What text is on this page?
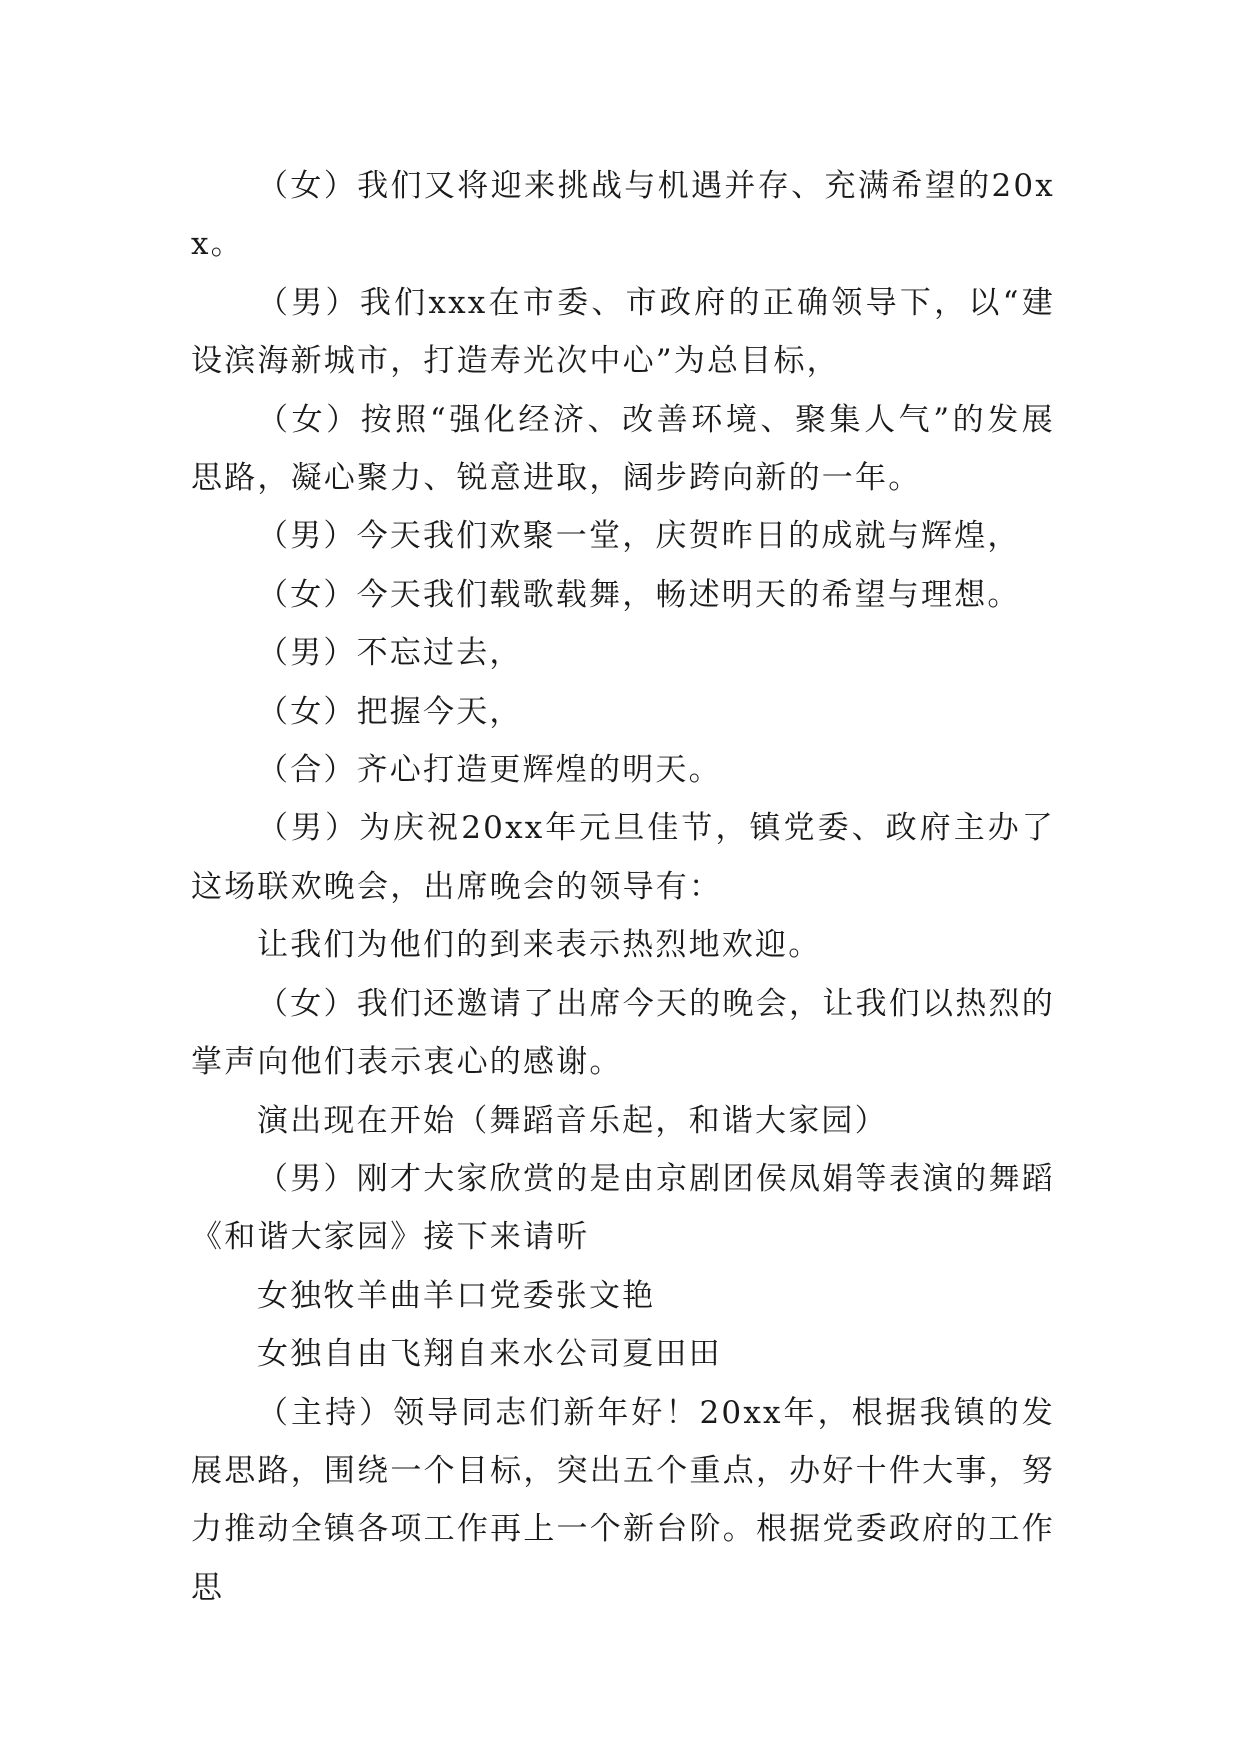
（女）我们又将迎来挑战与机遇并存、充满希望的20xx。

（男）我们xxx在市委、市政府的正确领导下，以“建设滨海新城市，打造寿光次中心”为总目标，

（女）按照“强化经济、改善环境、聚集人气”的发展思路，凝心聚力、锐意进取，阔步跨向新的一年。

（男）今天我们欢聚一堂，庆贺昨日的成就与辉煌，

（女）今天我们载歌载舞，畅述明天的希望与理想。

（男）不忘过去，

（女）把握今天，

（合）齐心打造更辉煌的明天。

（男）为庆祝20xx年元旦佳节，镇党委、政府主办了这场联欢晚会，出席晚会的领导有：

让我们为他们的到来表示热烈地欢迎。

（女）我们还邀请了出席今天的晚会，让我们以热烈的掌声向他们表示衷心的感谢。

演出现在开始（舞蹈音乐起，和谐大家园）

（男）刚才大家欣赏的是由京剧团侯凤娟等表演的舞蹈《和谐大家园》接下来请听

女独牧羊曲羊口党委张文艳

女独自由飞翔自来水公司夏田田

（主持）领导同志们新年好！20xx年，根据我镇的发展思路，围绕一个目标，突出五个重点，办好十件大事，努力推动全镇各项工作再上一个新台阶。根据党委政府的工作思
